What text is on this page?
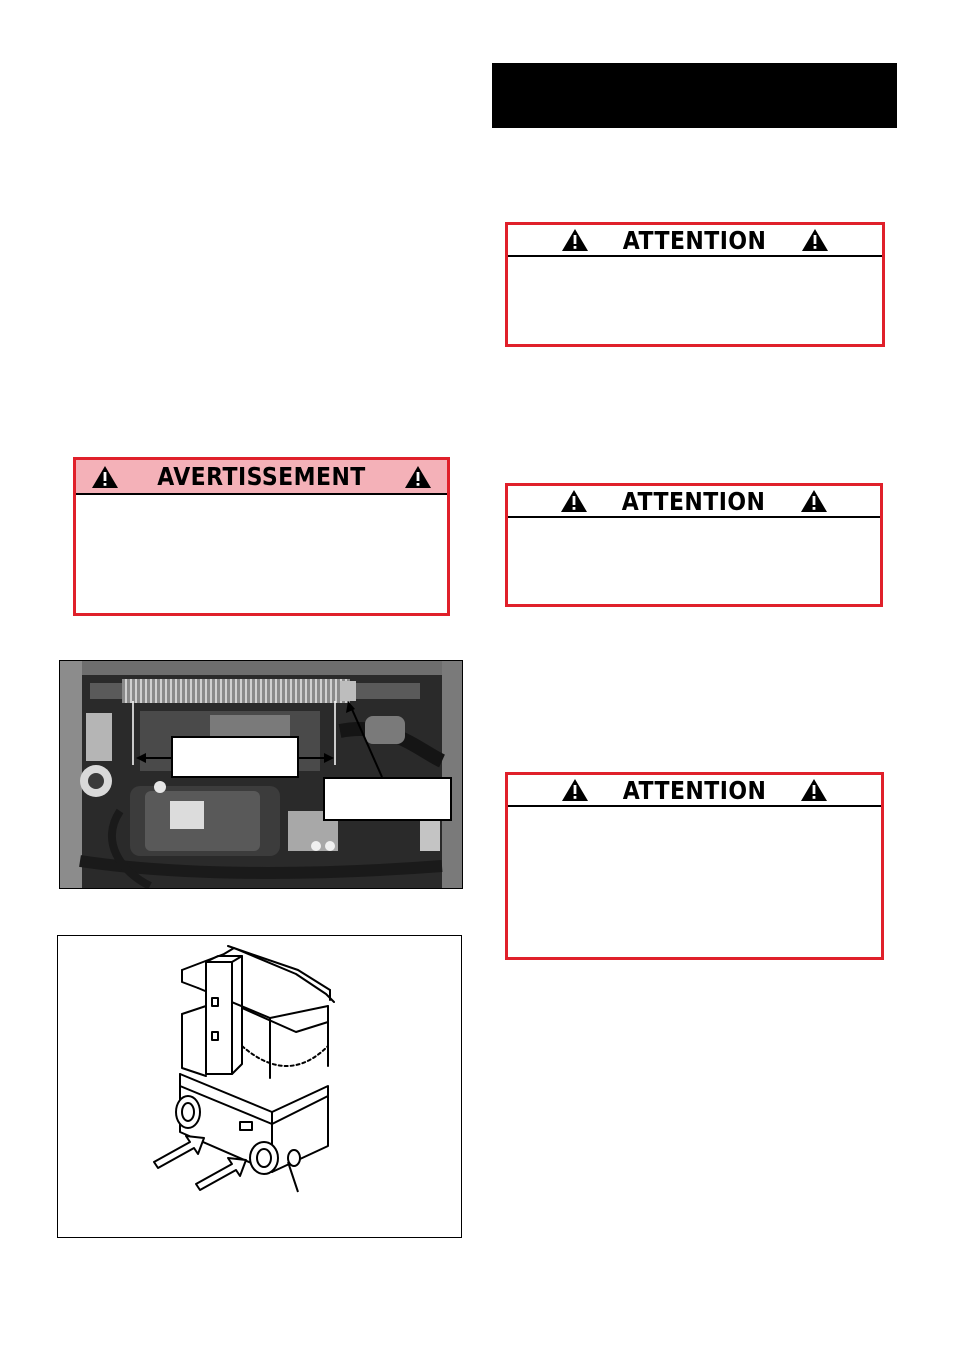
AVERTISSEMENT
ATTENTION
ATTENTION
ATTENTION
